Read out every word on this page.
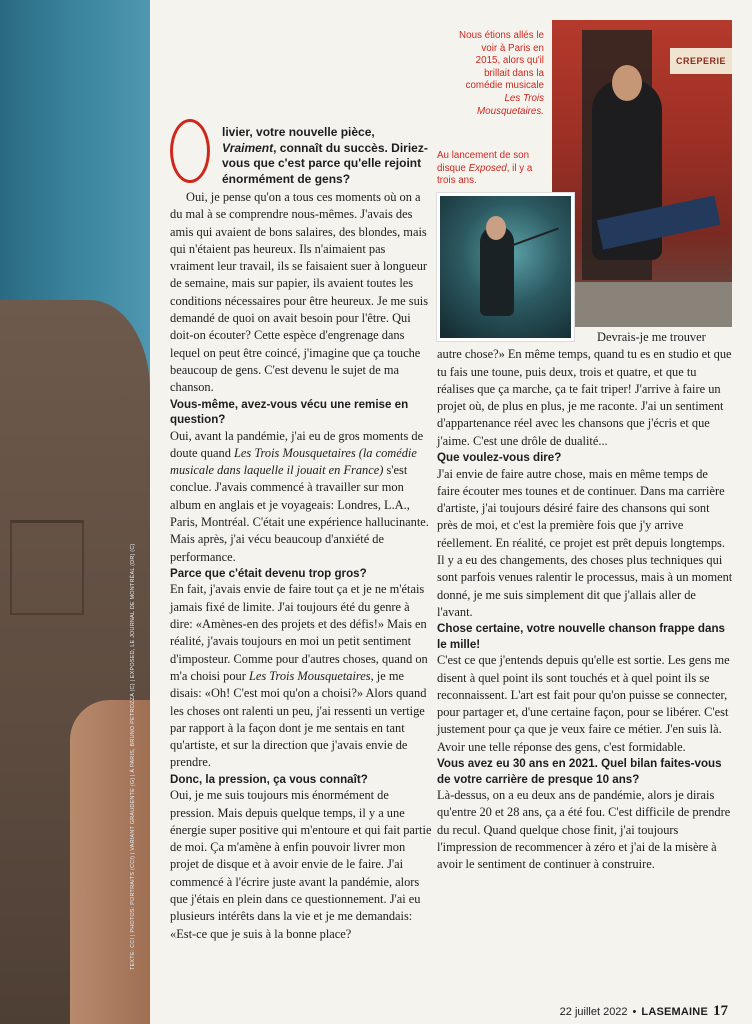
TEXTE: CCI | PHOTOS: PORTRAITS (CCI) | VARIANT GRAUDENTE (G) | À PARIS, BRUNO PETROZZA (C) | EXPOSED, LE JOURNAL DE MONTRÉAL (DR) (C)
CREPERIE
Nous étions allés le voir à Paris en 2015, alors qu'il brillait dans la comédie musicale Les Trois Mousquetaires.
Au lancement de son disque Exposed, il y a trois ans.
livier, votre nouvelle pièce, Vraiment, connaît du succès. Diriez-vous que c'est parce qu'elle rejoint énormément de gens?

Oui, je pense qu'on a tous ces moments où on a du mal à se comprendre nous-mêmes. J'avais des amis qui avaient de bons salaires, des blondes, mais qui n'étaient pas heureux. Ils n'aimaient pas vraiment leur travail, ils se faisaient suer à longueur de semaine, mais sur papier, ils avaient toutes les conditions nécessaires pour être heureux. Je me suis demandé de quoi on avait besoin pour l'être. Qui doit-on écouter? Cette espèce d'engrenage dans lequel on peut être coincé, j'imagine que ça touche beaucoup de gens. C'est devenu le sujet de ma chanson.

Vous-même, avez-vous vécu une remise en question?

Oui, avant la pandémie, j'ai eu de gros moments de doute quand Les Trois Mousquetaires (la comédie musicale dans laquelle il jouait en France) s'est conclue. J'avais commencé à travailler sur mon album en anglais et je voyageais: Londres, L.A., Paris, Montréal. C'était une expérience hallucinante. Mais après, j'ai vécu beaucoup d'anxiété de performance.

Parce que c'était devenu trop gros?

En fait, j'avais envie de faire tout ça et je ne m'étais jamais fixé de limite. J'ai toujours été du genre à dire: «Amènes-en des projets et des défis!» Mais en réalité, j'avais toujours en moi un petit sentiment d'imposteur. Comme pour d'autres choses, quand on m'a choisi pour Les Trois Mousquetaires, je me disais: «Oh! C'est moi qu'on a choisi?» Alors quand les choses ont ralenti un peu, j'ai ressenti un vertige par rapport à la façon dont je me sentais en tant qu'artiste, et sur la direction que j'avais envie de prendre.

Donc, la pression, ça vous connaît?

Oui, je me suis toujours mis énormément de pression. Mais depuis quelque temps, il y a une énergie super positive qui m'entoure et qui fait partie de moi. Ça m'amène à enfin pouvoir livrer mon projet de disque et à avoir envie de le faire. J'ai commencé à l'écrire juste avant la pandémie, alors que j'étais en plein dans ce questionnement. J'ai eu plusieurs intérêts dans la vie et je me demandais: «Est-ce que je suis à la bonne place?

Devrais-je me trouver autre chose?» En même temps, quand tu es en studio et que tu fais une toune, puis deux, trois et quatre, et que tu réalises que ça marche, ça te fait triper! J'arrive à faire un projet où, de plus en plus, je me raconte. J'ai un sentiment d'appartenance réel avec les chansons que j'écris et que j'aime. C'est une drôle de dualité...

Que voulez-vous dire?

J'ai envie de faire autre chose, mais en même temps de faire écouter mes tounes et de continuer. Dans ma carrière d'artiste, j'ai toujours désiré faire des chansons qui sont près de moi, et c'est la première fois que j'y arrive réellement. En réalité, ce projet est prêt depuis longtemps. Il y a eu des changements, des choses plus techniques qui sont parfois venues ralentir le processus, mais à un moment donné, je me suis simplement dit que j'allais aller de l'avant.

Chose certaine, votre nouvelle chanson frappe dans le mille!

C'est ce que j'entends depuis qu'elle est sortie. Les gens me disent à quel point ils sont touchés et à quel point ils se reconnaissent. L'art est fait pour qu'on puisse se connecter, pour partager et, d'une certaine façon, pour se libérer. C'est justement pour ça que je veux faire ce métier. J'en suis là. Avoir une telle réponse des gens, c'est formidable.

Vous avez eu 30 ans en 2021. Quel bilan faites-vous de votre carrière de presque 10 ans?

Là-dessus, on a eu deux ans de pandémie, alors je dirais qu'entre 20 et 28 ans, ça a été fou. C'est difficile de prendre du recul. Quand quelque chose finit, j'ai toujours l'impression de recommencer à zéro et j'ai de la misère à avoir le sentiment de continuer à construire.

22 juillet 2022 • LASEMAINE 17
